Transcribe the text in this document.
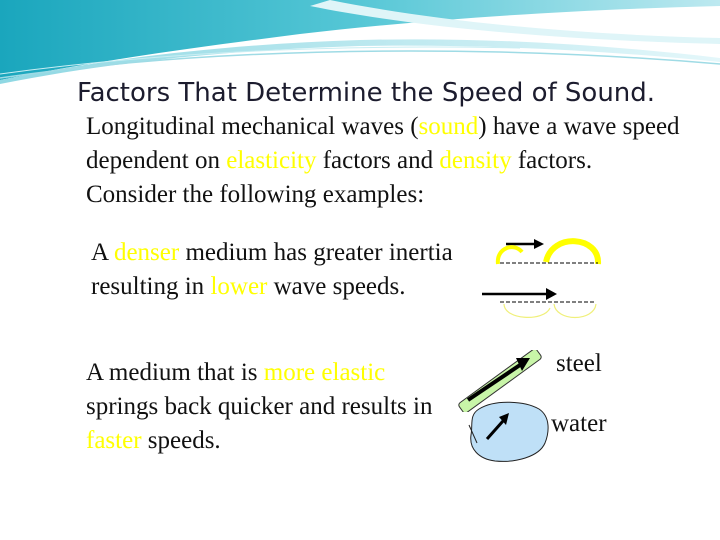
Factors That Determine the Speed of Sound.

Longitudinal mechanical waves (sound) have a wave speed dependent on elasticity factors and density factors. Consider the following examples:

A denser medium has greater inertia resulting in lower wave speeds.

A medium that is more elastic springs back quicker and results in faster speeds.

steel
water
